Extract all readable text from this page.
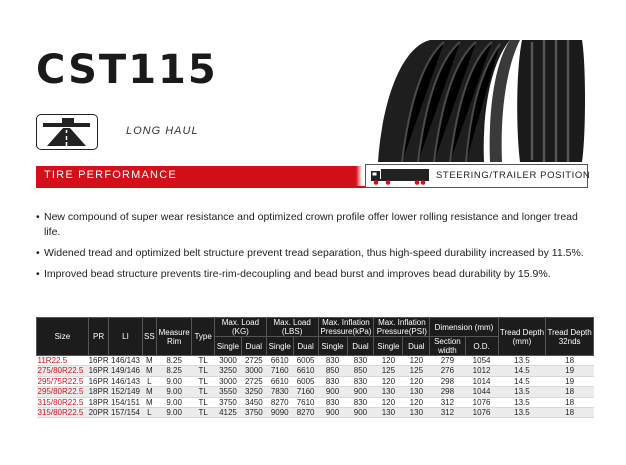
CST115
LONG HAUL
TIRE PERFORMANCE	STEERING/TRAILER POSITION
• New compound of super wear resistance and optimized crown profile offer lower rolling resistance and longer tread life.
• Widened tread and optimized belt structure prevent tread separation, thus high-speed durability increased by 11.5%.
• Improved bead structure prevents tire-rim-decoupling and bead burst and improves bead durability by 15.9%.
Size	PR	LI	SS	Measure Rim	Type	Max. Load (KG)		Max. Load (LBS)		Max. Inflation Pressure(kPa)		Max. Inflation Pressure(PSI)		Dimension (mm)		Tread Depth (mm)	Tread Depth 32nds
						Single	Dual	Single	Dual	Single	Dual	Single	Dual	Section width	O.D.		
11R22.5	16PR	146/143	M	8.25	TL	3000	2725	6610	6005	830	830	120	120	279	1054	13.5	18
275/80R22.5	16PR	149/146	M	8.25	TL	3250	3000	7160	6610	850	850	125	125	276	1012	14.5	19
295/75R22.5	16PR	146/143	L	9.00	TL	3000	2725	6610	6005	830	830	120	120	298	1014	14.5	19
295/80R22.5	18PR	152/149	M	9.00	TL	3550	3250	7830	7160	900	900	130	130	298	1044	13.5	18
315/80R22.5	18PR	154/151	M	9.00	TL	3750	3450	8270	7610	830	830	120	120	312	1076	13.5	18
315/80R22.5	20PR	157/154	L	9.00	TL	4125	3750	9090	8270	900	900	130	130	312	1076	13.5	18
